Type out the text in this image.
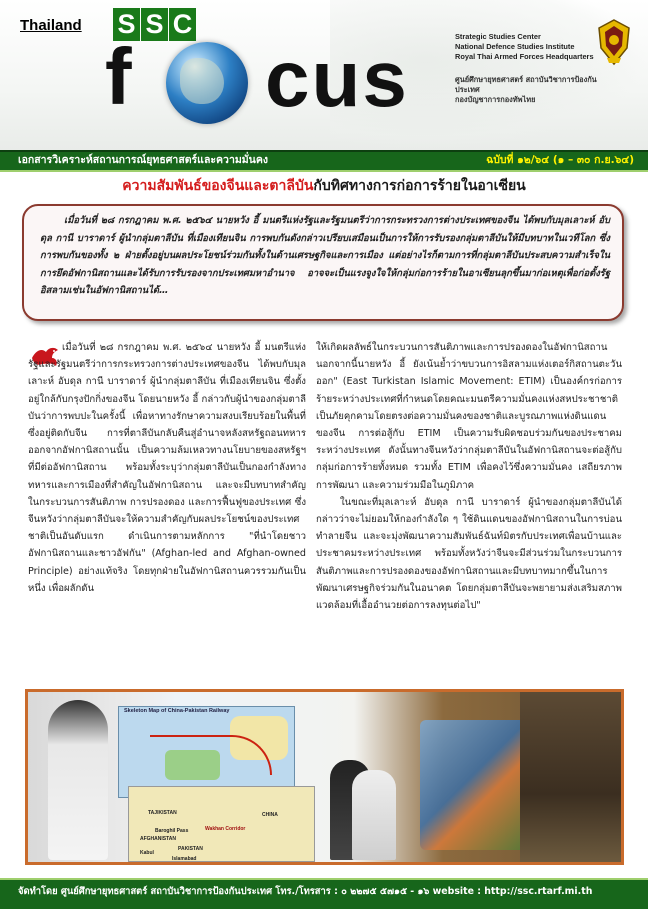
Thailand S S C
f cus	Strategic Studies Center
National Defence Studies Institute
Royal Thai Armed Forces Headquarters
ศูนย์ศึกษายุทธศาสตร์ สถาบันวิชาการป้องกันประเทศ
กองบัญชาการกองทัพไทย
เอกสารวิเคราะห์สถานการณ์ยุทธศาสตร์และความมั่นคง	ฉบับที่ ๑๒/๖๔ (๑ – ๓๐ ก.ย.๖๔)
ความสัมพันธ์ของจีนและตาลีบันกับทิศทางการก่อการร้ายในอาเซียน
เมื่อวันที่ ๒๘ กรกฎาคม พ.ศ. ๒๕๖๔ นายหวัง อี้ มนตรีแห่งรัฐและรัฐมนตรีว่าการกระทรวงการต่างประเทศของจีน ได้พบกับมุลเลาะห์ อับดุล กานี บาราดาร์ ผู้นำกลุ่มตาลีบัน ที่เมืองเทียนจิน การพบกันดังกล่าวเปรียบเสมือนเป็นการให้การรับรองกลุ่มตาลีบันให้มีบทบาทในเวทีโลก ซึ่งการพบกันของทั้ง ๒ ฝ่ายตั้งอยู่บนผลประโยชน์ร่วมกันทั้งในด้านเศรษฐกิจและการเมือง แต่อย่างไรก็ตามการที่กลุ่มตาลีบันประสบความสำเร็จในการยึดอัฟกานิสถานและได้รับการรับรองจากประเทศมหาอำนาจ อาจจะเป็นแรงจูงใจให้กลุ่มก่อการร้ายในอาเซียนลุกขึ้นมาก่อเหตุเพื่อก่อตั้งรัฐอิสลามเช่นในอัฟกานิสถานได้…

เมื่อวันที่ ๒๘ กรกฎาคม พ.ศ. ๒๕๖๔ นายหวัง อี้ มนตรีแห่งรัฐและรัฐมนตรีว่าการกระทรวงการต่างประเทศของจีน ได้พบกับมุลเลาะห์ อับดุล กานี บาราดาร์ ผู้นำกลุ่มตาลีบัน ที่เมืองเทียนจิน ซึ่งตั้งอยู่ใกล้กับกรุงปักกิ่งของจีน โดยนายหวัง อี้ กล่าวกับผู้นำของกลุ่มตาลีบันว่าการพบปะในครั้งนี้ เพื่อหาทางรักษาความสงบเรียบร้อยในพื้นที่ซึ่งอยู่ติดกับจีน การที่ตาลีบันกลับคืนสู่อำนาจหลังสหรัฐถอนทหารออกจากอัฟกานิสถานนั้น เป็นความล้มเหลวทางนโยบายของสหรัฐฯ ที่มีต่ออัฟกานิสถาน พร้อมทั้งระบุว่ากลุ่มตาลีบันเป็นกองกำลังทางทหารและการเมืองที่สำคัญในอัฟกานิสถาน และจะมีบทบาทสำคัญในกระบวนการสันติภาพ การปรองดอง และการฟื้นฟูของประเทศ ซึ่งจีนหวังว่ากลุ่มตาลีบันจะให้ความสำคัญกับผลประโยชน์ของประเทศชาติเป็นอันดับแรก ดำเนินการตามหลักการ "ที่นำโดยชาวอัฟกานิสถานและชาวอัฟกัน" (Afghan-led and Afghan-owned Principle) อย่างแท้จริง โดยทุกฝ่ายในอัฟกานิสถานควรรวมกันเป็นหนึ่ง เพื่อผลักดัน

ให้เกิดผลลัพธ์ในกระบวนการสันติภาพและการปรองดองในอัฟกานิสถาน นอกจากนี้นายหวัง อี้ ยังเน้นย้ำว่าขบวนการอิสลามแห่งเตอร์กิสถานตะวันออก" (East Turkistan Islamic Movement: ETIM) เป็นองค์กรก่อการร้ายระหว่างประเทศที่กำหนดโดยคณะมนตรีความมั่นคงแห่งสหประชาชาติ เป็นภัยคุกคามโดยตรงต่อความมั่นคงของชาติและบูรณภาพแห่งดินแดนของจีน การต่อสู้กับ ETIM เป็นความรับผิดชอบร่วมกันของประชาคมระหว่างประเทศ ดังนั้นทางจีนหวังว่ากลุ่มตาลีบันในอัฟกานิสถานจะต่อสู้กับกลุ่มก่อการร้ายทั้งหมด รวมทั้ง ETIM เพื่อคงไว้ซึ่งความมั่นคง เสถียรภาพ การพัฒนา และความร่วมมือในภูมิภาค

ในขณะที่มุลเลาะห์ อับดุล กานี บาราดาร์ ผู้นำของกลุ่มตาลีบันได้กล่าวว่าจะไม่ยอมให้กองกำลังใด ๆ ใช้ดินแดนของอัฟกานิสถานในการบ่อนทำลายจีน และจะมุ่งพัฒนาความสัมพันธ์ฉันท์มิตรกับประเทศเพื่อนบ้านและประชาคมระหว่างประเทศ พร้อมทั้งหวังว่าจีนจะมีส่วนร่วมในกระบวนการสันติภาพและการปรองดองของอัฟกานิสถานและมีบทบาทมากขึ้นในการพัฒนาเศรษฐกิจร่วมกันในอนาคต โดยกลุ่มตาลีบันจะพยายามส่งเสริมสภาพแวดล้อมที่เอื้ออำนวยต่อการลงทุนต่อไป"

Skeleton Map of China-Pakistan Railway
TAJIKISTAN	CHINA
AFGHANISTAN
PAKISTAN
Wakhan Corridor
Kabul
Islamabad
Baroghil Pass
จัดทำโดย ศูนย์ศึกษายุทธศาสตร์ สถาบันวิชาการป้องกันประเทศ โทร./โทรสาร : ๐ ๒๒๗๕ ๕๗๑๕ - ๑๖ website : http://ssc.rtarf.mi.th
